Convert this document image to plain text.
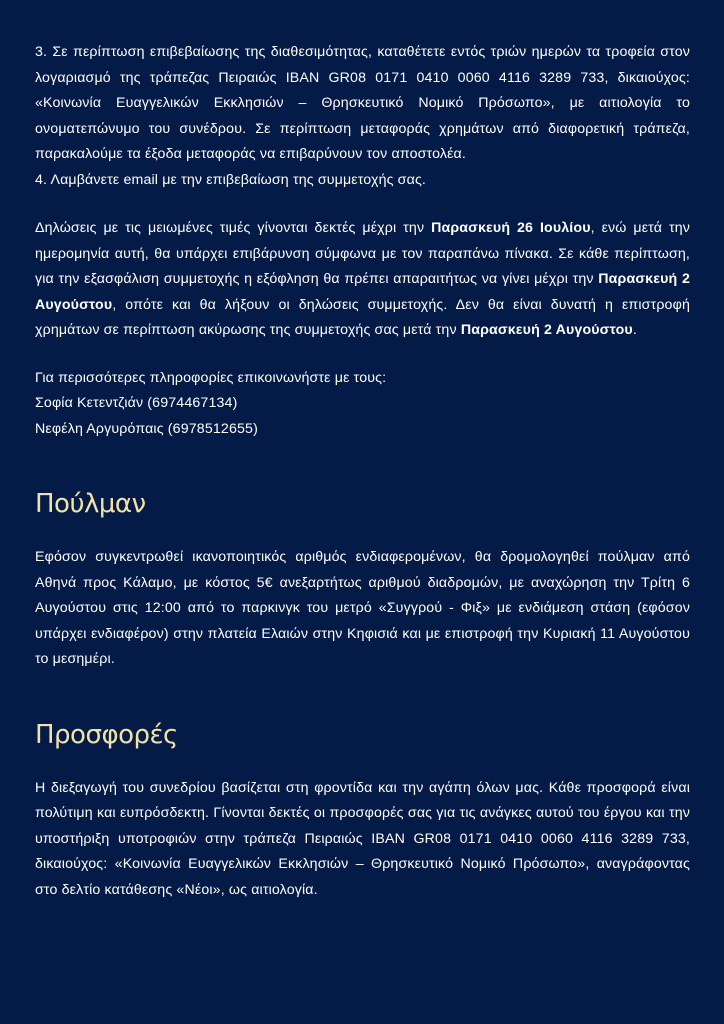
3. Σε περίπτωση επιβεβαίωσης της διαθεσιμότητας, καταθέτετε εντός τριών ημερών τα τροφεία στον λογαριασμό της τράπεζας Πειραιώς IBAN GR08 0171 0410 0060 4116 3289 733, δικαιούχος: «Κοινωνία Ευαγγελικών Εκκλησιών – Θρησκευτικό Νομικό Πρόσωπο», με αιτιολογία το ονοματεπώνυμο του συνέδρου. Σε περίπτωση μεταφοράς χρημάτων από διαφορετική τράπεζα, παρακαλούμε τα έξοδα μεταφοράς να επιβαρύνουν τον αποστολέα.

4. Λαμβάνετε email με την επιβεβαίωση της συμμετοχής σας.

Δηλώσεις με τις μειωμένες τιμές γίνονται δεκτές μέχρι την Παρασκευή 26 Ιουλίου, ενώ μετά την ημερομηνία αυτή, θα υπάρχει επιβάρυνση σύμφωνα με τον παραπάνω πίνακα. Σε κάθε περίπτωση, για την εξασφάλιση συμμετοχής η εξόφληση θα πρέπει απαραιτήτως να γίνει μέχρι την Παρασκευή 2 Αυγούστου, οπότε και θα λήξουν οι δηλώσεις συμμετοχής. Δεν θα είναι δυνατή η επιστροφή χρημάτων σε περίπτωση ακύρωσης της συμμετοχής σας μετά την Παρασκευή 2 Αυγούστου.

Για περισσότερες πληροφορίες επικοινωνήστε με τους:
Σοφία Κετεντζιάν (6974467134)
Νεφέλη Αργυρόπαις (6978512655)
Πούλμαν

Εφόσον συγκεντρωθεί ικανοποιητικός αριθμός ενδιαφερομένων, θα δρομολογηθεί πούλμαν από Αθηνά προς Κάλαμο, με κόστος 5€ ανεξαρτήτως αριθμού διαδρομών, με αναχώρηση την Τρίτη 6 Αυγούστου στις 12:00 από το παρκινγκ του μετρό «Συγγρού - Φιξ» με ενδιάμεση στάση (εφόσον υπάρχει ενδιαφέρον) στην πλατεία Ελαιών στην Κηφισιά και με επιστροφή την Κυριακή 11 Αυγούστου το μεσημέρι.

Προσφορές

Η διεξαγωγή του συνεδρίου βασίζεται στη φροντίδα και την αγάπη όλων μας. Κάθε προσφορά είναι πολύτιμη και ευπρόσδεκτη. Γίνονται δεκτές οι προσφορές σας για τις ανάγκες αυτού του έργου και την υποστήριξη υποτροφιών στην τράπεζα Πειραιώς IBAN GR08 0171 0410 0060 4116 3289 733, δικαιούχος: «Κοινωνία Ευαγγελικών Εκκλησιών – Θρησκευτικό Νομικό Πρόσωπο», αναγράφοντας στο δελτίο κατάθεσης «Νέοι», ως αιτιολογία.
